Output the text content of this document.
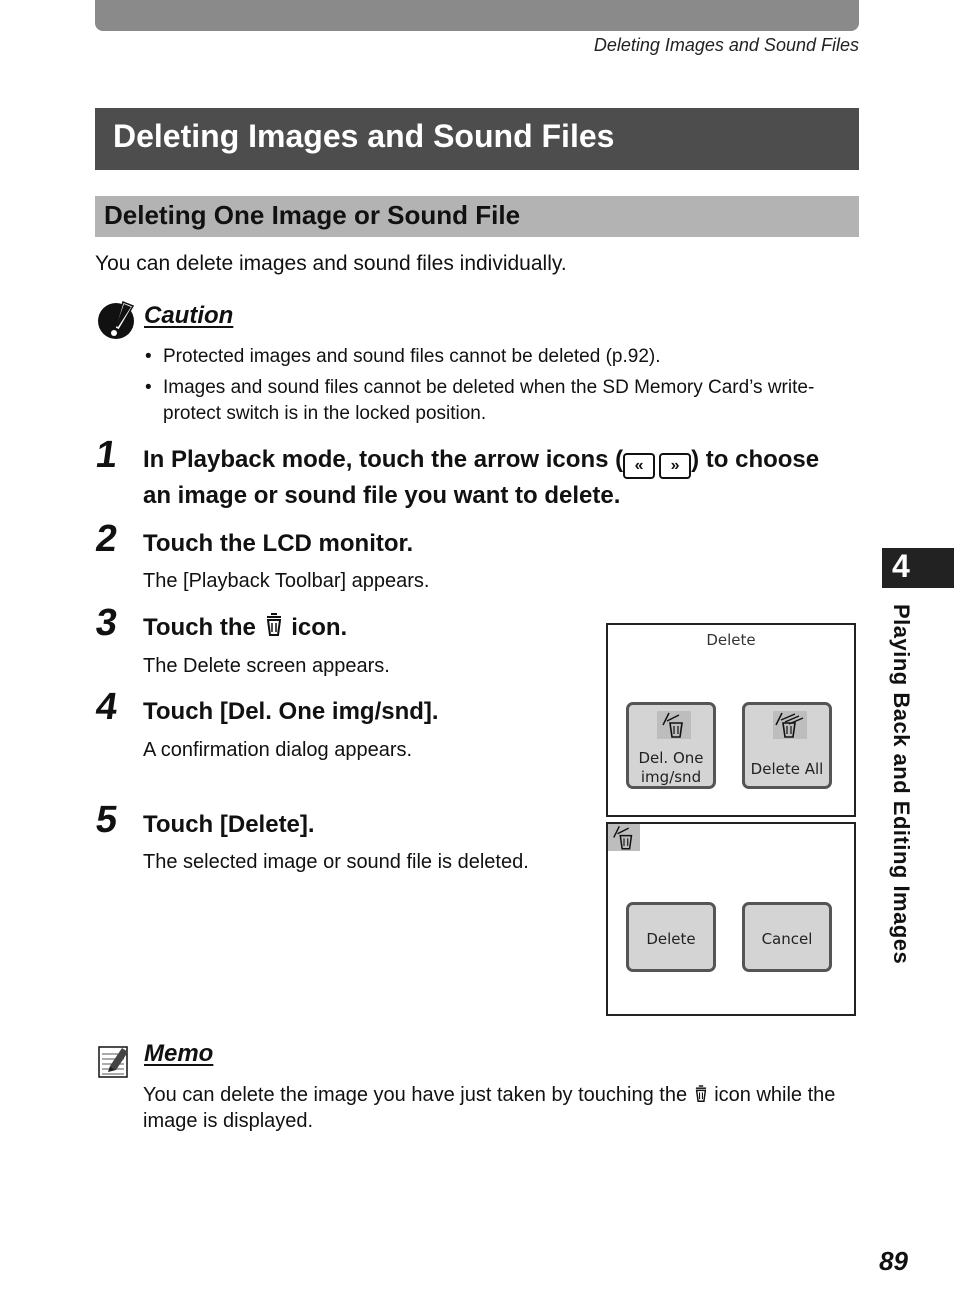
Deleting Images and Sound Files
Deleting Images and Sound Files
Deleting One Image or Sound File
You can delete images and sound files individually.
Caution
• Protected images and sound files cannot be deleted (p.92).
• Images and sound files cannot be deleted when the SD Memory Card’s write-protect switch is in the locked position.
1 In Playback mode, touch the arrow icons ( « » ) to choose an image or sound file you want to delete.
2 Touch the LCD monitor.
The [Playback Toolbar] appears.
3 Touch the icon.
The Delete screen appears.
4 Touch [Del. One img/snd].
A confirmation dialog appears.
5 Touch [Delete].
The selected image or sound file is deleted.
Delete
Del. One
img/snd	Delete All
Delete	Cancel
4
Playing Back and Editing Images
Memo
You can delete the image you have just taken by touching the icon while the image is displayed.
89
